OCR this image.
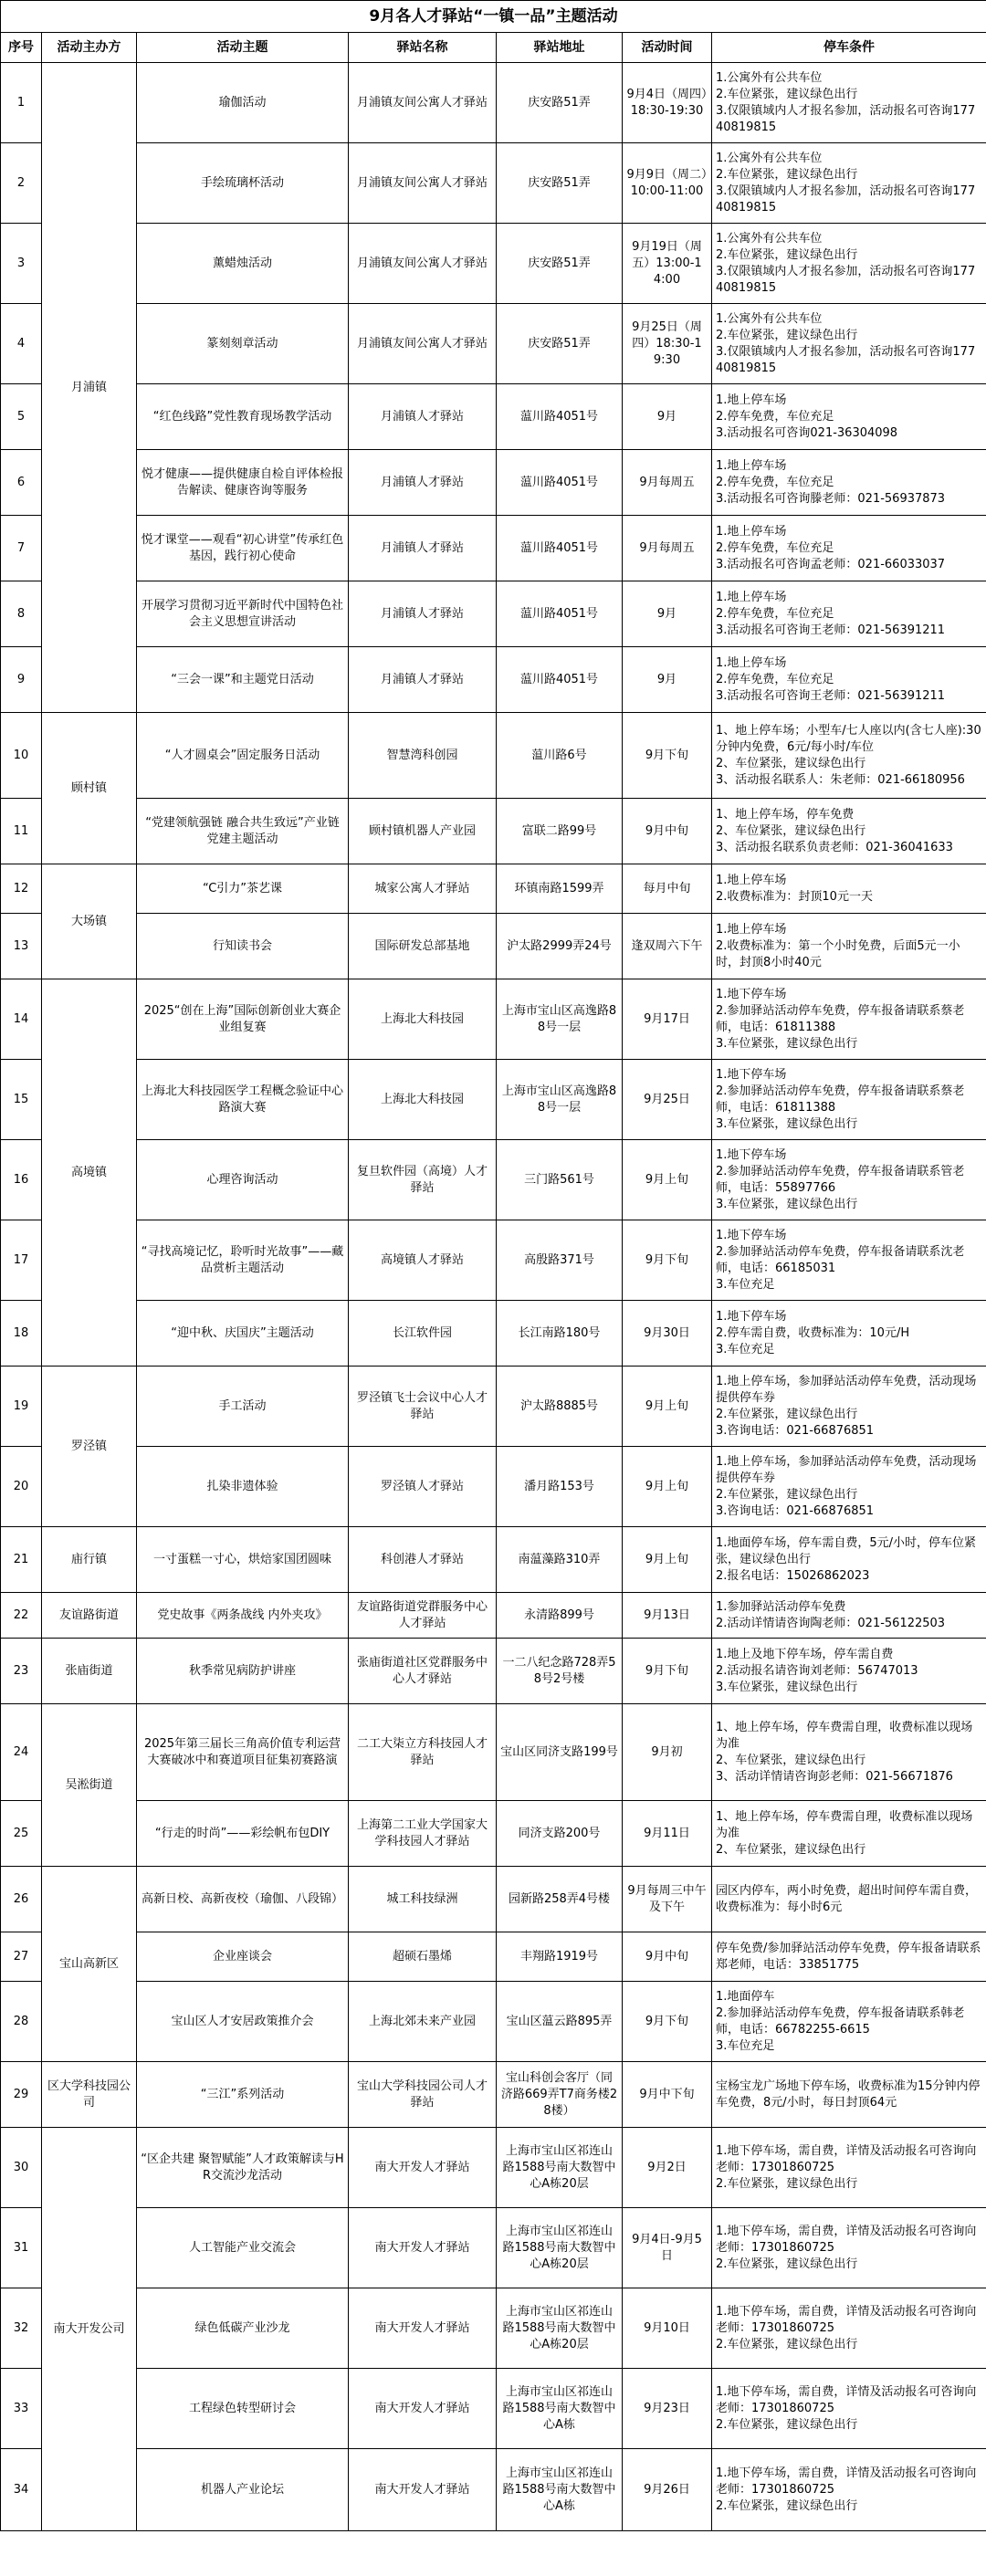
9月各人才驿站“一镇一品”主题活动
序号	活动主办方	活动主题	驿站名称	驿站地址	活动时间	停车条件
1	月浦镇	瑜伽活动	月浦镇友间公寓人才驿站	庆安路51弄	9月4日（周四）18:30-19:30	1.公寓外有公共车位
2.车位紧张，建议绿色出行
3.仅限镇域内人才报名参加，活动报名可咨询17740819815

2		手绘琉璃杯活动	月浦镇友间公寓人才驿站	庆安路51弄	9月9日（周二）10:00-11:00	1.公寓外有公共车位
2.车位紧张，建议绿色出行
3.仅限镇域内人才报名参加，活动报名可咨询17740819815

3		薰蜡烛活动	月浦镇友间公寓人才驿站	庆安路51弄	9月19日（周五）13:00-14:00	1.公寓外有公共车位
2.车位紧张，建议绿色出行
3.仅限镇域内人才报名参加，活动报名可咨询17740819815

4		篆刻刻章活动	月浦镇友间公寓人才驿站	庆安路51弄	9月25日（周四）18:30-19:30	1.公寓外有公共车位
2.车位紧张，建议绿色出行
3.仅限镇域内人才报名参加，活动报名可咨询17740819815

5		“红色线路”党性教育现场教学活动	月浦镇人才驿站	蕰川路4051号	9月	1.地上停车场
2.停车免费，车位充足
3.活动报名可咨询021-36304098

6		悦才健康——提供健康自检自评体检报告解读、健康咨询等服务	月浦镇人才驿站	蕰川路4051号	9月每周五	1.地上停车场
2.停车免费，车位充足
3.活动报名可咨询滕老师：021-56937873

7		悦才课堂——观看“初心讲堂”传承红色基因，践行初心使命	月浦镇人才驿站	蕰川路4051号	9月每周五	1.地上停车场
2.停车免费，车位充足
3.活动报名可咨询孟老师：021-66033037

8		开展学习贯彻习近平新时代中国特色社会主义思想宣讲活动	月浦镇人才驿站	蕰川路4051号	9月	1.地上停车场
2.停车免费，车位充足
3.活动报名可咨询王老师：021-56391211

9		“三会一课”和主题党日活动	月浦镇人才驿站	蕰川路4051号	9月	1.地上停车场
2.停车免费，车位充足
3.活动报名可咨询王老师：021-56391211

10	顾村镇	“人才圆桌会”固定服务日活动	智慧湾科创园	蕰川路6号	9月下旬	1、地上停车场；小型车/七人座以内(含七人座):30 分钟内免费，6元/每小时/车位
2、车位紧张，建议绿色出行
3、活动报名联系人：朱老师：021-66180956

11		“党建领航强链 融合共生致远”产业链党建主题活动	顾村镇机器人产业园	富联二路99号	9月中旬	1、地上停车场，停车免费
2、车位紧张，建议绿色出行
3、活动报名联系负责老师：021-36041633

12	大场镇	“C引力”茶艺课	城家公寓人才驿站	环镇南路1599弄	每月中旬	1.地上停车场
2.收费标准为：封顶10元一天

13		行知读书会	国际研发总部基地	沪太路2999弄24号	逢双周六下午	1.地上停车场
2.收费标准为：第一个小时免费，后面5元一小时，封顶8小时40元

14	高境镇	2025“创在上海”国际创新创业大赛企业组复赛	上海北大科技园	上海市宝山区高逸路88号一层	9月17日	1.地下停车场
2.参加驿站活动停车免费，停车报备请联系蔡老师，电话：61811388
3.车位紧张，建议绿色出行

15		上海北大科技园医学工程概念验证中心路演大赛	上海北大科技园	上海市宝山区高逸路88号一层	9月25日	1.地下停车场
2.参加驿站活动停车免费，停车报备请联系蔡老师，电话：61811388
3.车位紧张，建议绿色出行

16		心理咨询活动	复旦软件园（高境）人才驿站	三门路561号	9月上旬	1.地下停车场
2.参加驿站活动停车免费，停车报备请联系管老师，电话：55897766
3.车位紧张，建议绿色出行

17		“寻找高境记忆，聆听时光故事”——藏品赏析主题活动	高境镇人才驿站	高殷路371号	9月下旬	1.地下停车场
2.参加驿站活动停车免费，停车报备请联系沈老师，电话：66185031
3.车位充足

18		“迎中秋、庆国庆”主题活动	长江软件园	长江南路180号	9月30日	1.地下停车场
2.停车需自费，收费标准为：10元/H
3.车位充足

19	罗泾镇	手工活动	罗泾镇飞士会议中心人才驿站	沪太路8885号	9月上旬	1.地上停车场，参加驿站活动停车免费，活动现场提供停车券
2.车位紧张，建议绿色出行
3.咨询电话：021-66876851

20		扎染非遗体验	罗泾镇人才驿站	潘月路153号	9月上旬	1.地上停车场，参加驿站活动停车免费，活动现场提供停车券
2.车位紧张，建议绿色出行
3.咨询电话：021-66876851

21	庙行镇	一寸蛋糕一寸心，烘焙家国团圆味	科创港人才驿站	南蕰藻路310弄	9月上旬	1.地面停车场，停车需自费，5元/小时，停车位紧张，建议绿色出行
2.报名电话：15026862023

22	友谊路街道	党史故事《两条战线 内外夹攻》	友谊路街道党群服务中心人才驿站	永清路899号	9月13日	1.参加驿站活动停车免费
2.活动详情请咨询陶老师：021-56122503

23	张庙街道	秋季常见病防护讲座	张庙街道社区党群服务中心人才驿站	一二八纪念路728弄58号2号楼	9月下旬	1.地上及地下停车场，停车需自费
2.活动报名请咨询刘老师：56747013
3.车位紧张，建议绿色出行

24	吴淞街道	2025年第三届长三角高价值专利运营大赛破冰中和赛道项目征集初赛路演	二工大柒立方科技园人才驿站	宝山区同济支路199号	9月初	1、地上停车场，停车费需自理，收费标准以现场为准
2、车位紧张，建议绿色出行
3、活动详情请咨询彭老师：021-56671876

25		“行走的时尚”——彩绘帆布包DIY	上海第二工业大学国家大学科技园人才驿站	同济支路200号	9月11日	1、地上停车场，停车费需自理，收费标准以现场为准
2、车位紧张，建议绿色出行

26	宝山高新区	高新日校、高新夜校（瑜伽、八段锦）	城工科技绿洲	园新路258弄4号楼	9月每周三中午及下午	园区内停车，两小时免费，超出时间停车需自费，收费标准为：每小时6元

27		企业座谈会	超硕石墨烯	丰翔路1919号	9月中旬	停车免费/参加驿站活动停车免费，停车报备请联系郑老师，电话：33851775

28		宝山区人才安居政策推介会	上海北郊未来产业园	宝山区蕰云路895弄	9月下旬	1.地面停车
2.参加驿站活动停车免费，停车报备请联系韩老师，电话：66782255-6615
3.车位充足

29	区大学科技园公司	“三江”系列活动	宝山大学科技园公司人才驿站	宝山科创会客厅（同济路669弄T7商务楼28楼）	9月中下旬	宝杨宝龙广场地下停车场，收费标准为15分钟内停车免费，8元/小时，每日封顶64元

30	南大开发公司	“区企共建 聚智赋能”人才政策解读与HR交流沙龙活动	南大开发人才驿站	上海市宝山区祁连山路1588号南大数智中心A栋20层	9月2日	1.地下停车场，需自费，详情及活动报名可咨询向老师：17301860725
2.车位紧张，建议绿色出行

31		人工智能产业交流会	南大开发人才驿站	上海市宝山区祁连山路1588号南大数智中心A栋20层	9月4日-9月5日	1.地下停车场，需自费，详情及活动报名可咨询向老师：17301860725
2.车位紧张，建议绿色出行

32		绿色低碳产业沙龙	南大开发人才驿站	上海市宝山区祁连山路1588号南大数智中心A栋20层	9月10日	1.地下停车场，需自费，详情及活动报名可咨询向老师：17301860725
2.车位紧张，建议绿色出行

33		工程绿色转型研讨会	南大开发人才驿站	上海市宝山区祁连山路1588号南大数智中心A栋	9月23日	1.地下停车场，需自费，详情及活动报名可咨询向老师：17301860725
2.车位紧张，建议绿色出行

34		机器人产业论坛	南大开发人才驿站	上海市宝山区祁连山路1588号南大数智中心A栋	9月26日	1.地下停车场，需自费，详情及活动报名可咨询向老师：17301860725
2.车位紧张，建议绿色出行
